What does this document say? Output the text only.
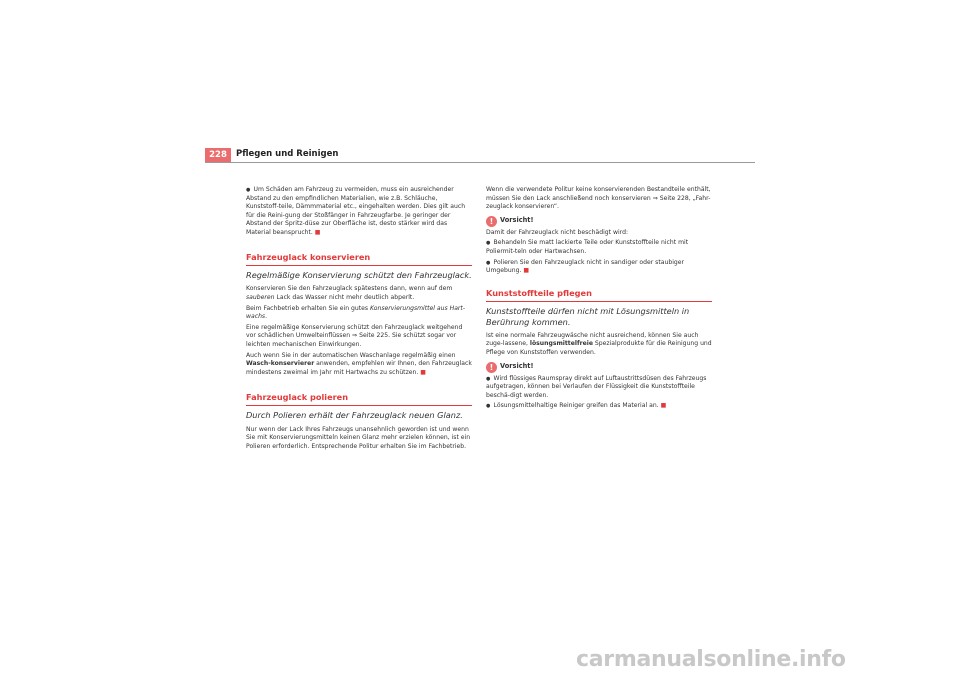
228	Pflegen und Reinigen

●  Um Schäden am Fahrzeug zu vermeiden, muss ein ausreichender Abstand zu den empfindlichen Materialien, wie z.B. Schläuche, Kunststoff-teile, Dämmmaterial etc., eingehalten werden. Dies gilt auch für die Reini-gung der Stoßfänger in Fahrzeugfarbe. Je geringer der Abstand der Spritz-düse zur Oberfläche ist, desto stärker wird das Material beansprucht. ■

Fahrzeuglack konservieren
Regelmäßige Konservierung schützt den Fahrzeuglack.

Konservieren Sie den Fahrzeuglack spätestens dann, wenn auf dem sauberen Lack das Wasser nicht mehr deutlich abperlt.

Beim Fachbetrieb erhalten Sie ein gutes Konservierungsmittel aus Hart-wachs.

Eine regelmäßige Konservierung schützt den Fahrzeuglack weitgehend vor schädlichen Umwelteinflüssen ⇒ Seite 225. Sie schützt sogar vor leichten mechanischen Einwirkungen.

Auch wenn Sie in der automatischen Waschanlage regelmäßig einen Wasch-konservierer anwenden, empfehlen wir Ihnen, den Fahrzeuglack mindestens zweimal im Jahr mit Hartwachs zu schützen. ■

Fahrzeuglack polieren
Durch Polieren erhält der Fahrzeuglack neuen Glanz.

Nur wenn der Lack Ihres Fahrzeugs unansehnlich geworden ist und wenn Sie mit Konservierungsmitteln keinen Glanz mehr erzielen können, ist ein Polieren erforderlich. Entsprechende Politur erhalten Sie im Fachbetrieb.

Wenn die verwendete Politur keine konservierenden Bestandteile enthält, müssen Sie den Lack anschließend noch konservieren ⇒ Seite 228, „Fahr-zeuglack konservieren“.

!	Vorsicht!

Damit der Fahrzeuglack nicht beschädigt wird:

●  Behandeln Sie matt lackierte Teile oder Kunststoffteile nicht mit Poliermit-teln oder Hartwachsen.

●  Polieren Sie den Fahrzeuglack nicht in sandiger oder staubiger Umgebung. ■

Kunststoffteile pflegen
Kunststoffteile dürfen nicht mit Lösungsmitteln in Berührung kommen.

Ist eine normale Fahrzeugwäsche nicht ausreichend, können Sie auch zuge-lassene, lösungsmittelfreie Spezialprodukte für die Reinigung und Pflege von Kunststoffen verwenden.

!	Vorsicht!

●  Wird flüssiges Raumspray direkt auf Luftaustrittsdüsen des Fahrzeugs aufgetragen, können bei Verlaufen der Flüssigkeit die Kunststoffteile beschä-digt werden.

●  Lösungsmittelhaltige Reiniger greifen das Material an. ■

carmanualsonline.info
